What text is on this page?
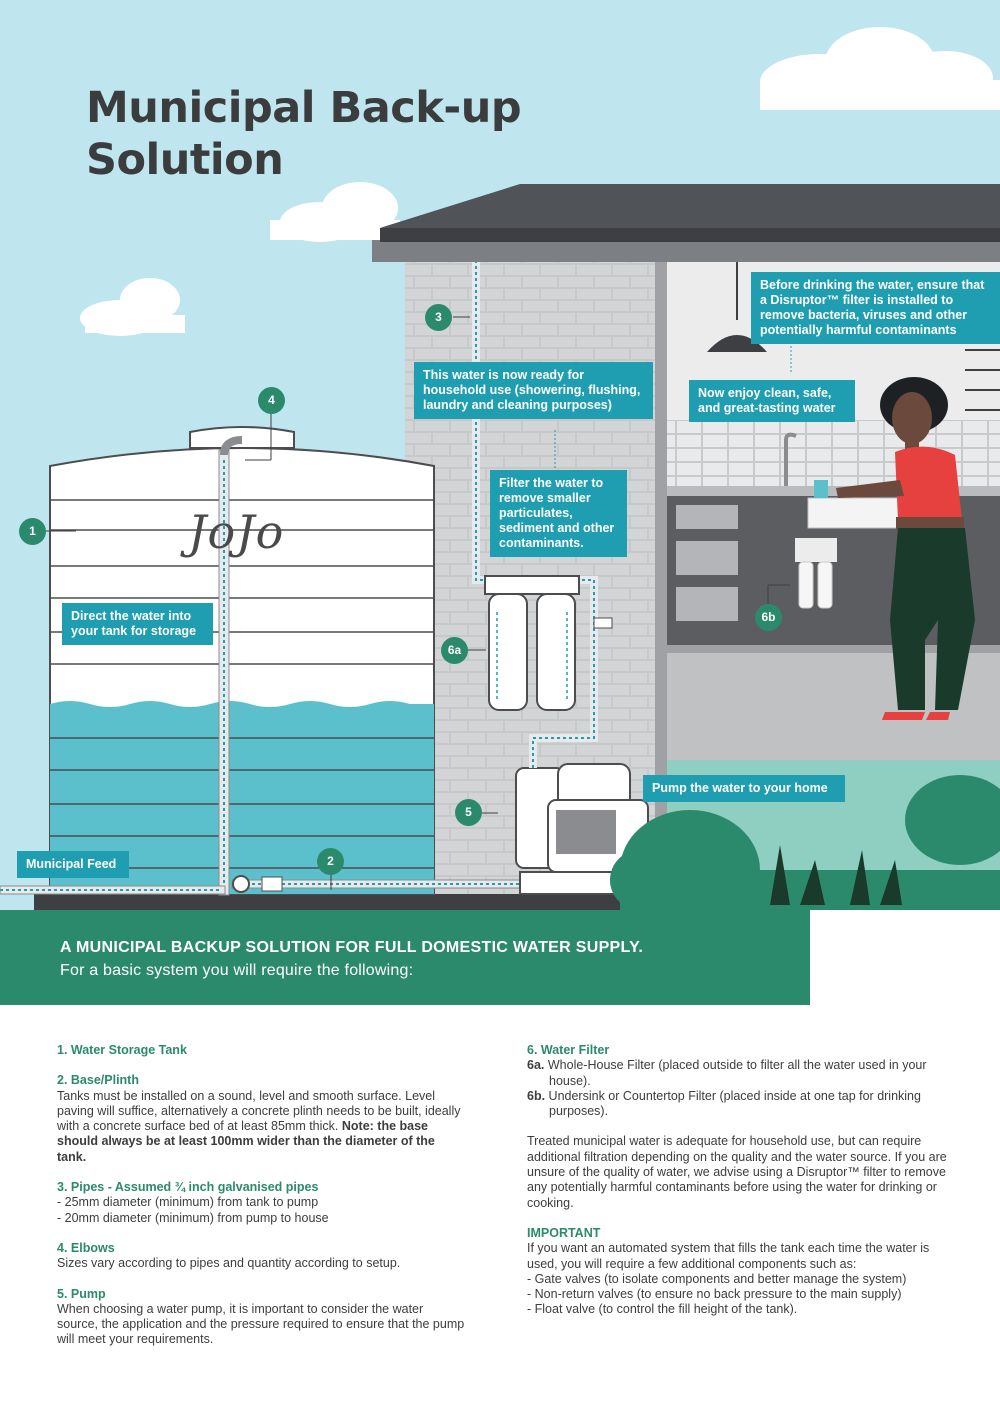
Municipal Back-up
Solution
JoJo
Direct the water into your tank for storage
This water is now ready for household use (showering, flushing, laundry and cleaning purposes)
Filter the water to remove smaller particulates, sediment and other contaminants.
Before drinking the water, ensure that a Disruptor™ filter is installed to remove bacteria, viruses and other potentially harmful contaminants
Now enjoy clean, safe, and great-tasting water
Pump the water to your home
Municipal Feed
1
2
3
4
5
6a
6b
A MUNICIPAL BACKUP SOLUTION FOR FULL DOMESTIC WATER SUPPLY.
For a basic system you will require the following:
1. Water Storage Tank
2. Base/Plinth
Tanks must be installed on a sound, level and smooth surface. Level paving will suffice, alternatively a concrete plinth needs to be built, ideally with a concrete surface bed of at least 85mm thick. Note: the base should always be at least 100mm wider than the diameter of the tank.
3. Pipes - Assumed ¾ inch galvanised pipes
- 25mm diameter (minimum) from tank to pump
- 20mm diameter (minimum) from pump to house
4. Elbows
Sizes vary according to pipes and quantity according to setup.
5. Pump
When choosing a water pump, it is important to consider the water source, the application and the pressure required to ensure that the pump will meet your requirements.
6. Water Filter
6a. Whole-House Filter (placed outside to filter all the water used in your house).
6b. Undersink or Countertop Filter (placed inside at one tap for drinking purposes).
Treated municipal water is adequate for household use, but can require additional filtration depending on the quality and the water source. If you are unsure of the quality of water, we advise using a Disruptor™ filter to remove any potentially harmful contaminants before using the water for drinking or cooking.
IMPORTANT
If you want an automated system that fills the tank each time the water is used, you will require a few additional components such as:
- Gate valves (to isolate components and better manage the system)
- Non-return valves (to ensure no back pressure to the main supply)
- Float valve (to control the fill height of the tank).
